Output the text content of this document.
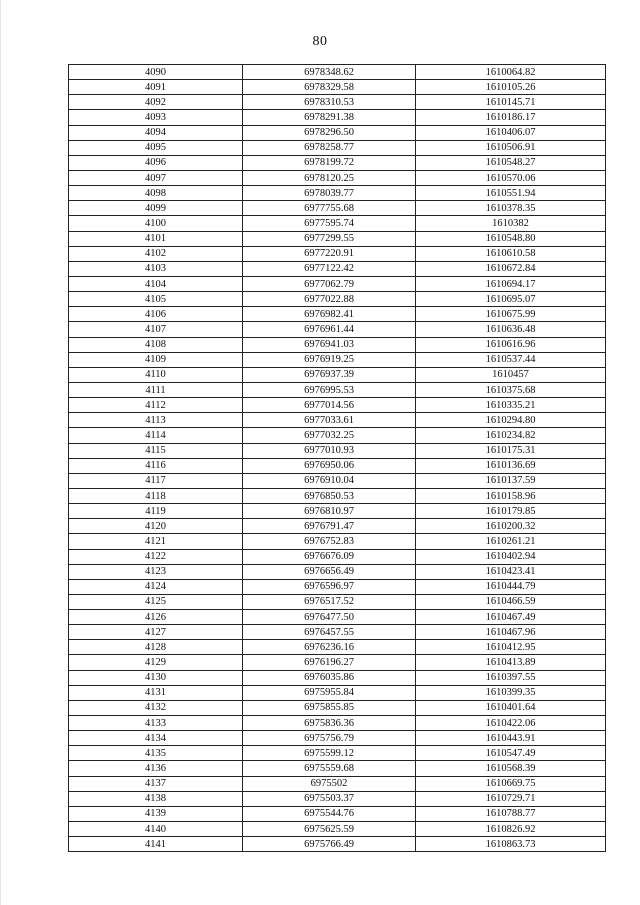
80
4090	6978348.62	1610064.82
4091	6978329.58	1610105.26
4092	6978310.53	1610145.71
4093	6978291.38	1610186.17
4094	6978296.50	1610406.07
4095	6978258.77	1610506.91
4096	6978199.72	1610548.27
4097	6978120.25	1610570.06
4098	6978039.77	1610551.94
4099	6977755.68	1610378.35
4100	6977595.74	1610382
4101	6977299.55	1610548.80
4102	6977220.91	1610610.58
4103	6977122.42	1610672.84
4104	6977062.79	1610694.17
4105	6977022.88	1610695.07
4106	6976982.41	1610675.99
4107	6976961.44	1610636.48
4108	6976941.03	1610616.96
4109	6976919.25	1610537.44
4110	6976937.39	1610457
4111	6976995.53	1610375.68
4112	6977014.56	1610335.21
4113	6977033.61	1610294.80
4114	6977032.25	1610234.82
4115	6977010.93	1610175.31
4116	6976950.06	1610136.69
4117	6976910.04	1610137.59
4118	6976850.53	1610158.96
4119	6976810.97	1610179.85
4120	6976791.47	1610200.32
4121	6976752.83	1610261.21
4122	6976676.09	1610402.94
4123	6976656.49	1610423.41
4124	6976596.97	1610444.79
4125	6976517.52	1610466.59
4126	6976477.50	1610467.49
4127	6976457.55	1610467.96
4128	6976236.16	1610412.95
4129	6976196.27	1610413.89
4130	6976035.86	1610397.55
4131	6975955.84	1610399.35
4132	6975855.85	1610401.64
4133	6975836.36	1610422.06
4134	6975756.79	1610443.91
4135	6975599.12	1610547.49
4136	6975559.68	1610568.39
4137	6975502	1610669.75
4138	6975503.37	1610729.71
4139	6975544.76	1610788.77
4140	6975625.59	1610826.92
4141	6975766.49	1610863.73
